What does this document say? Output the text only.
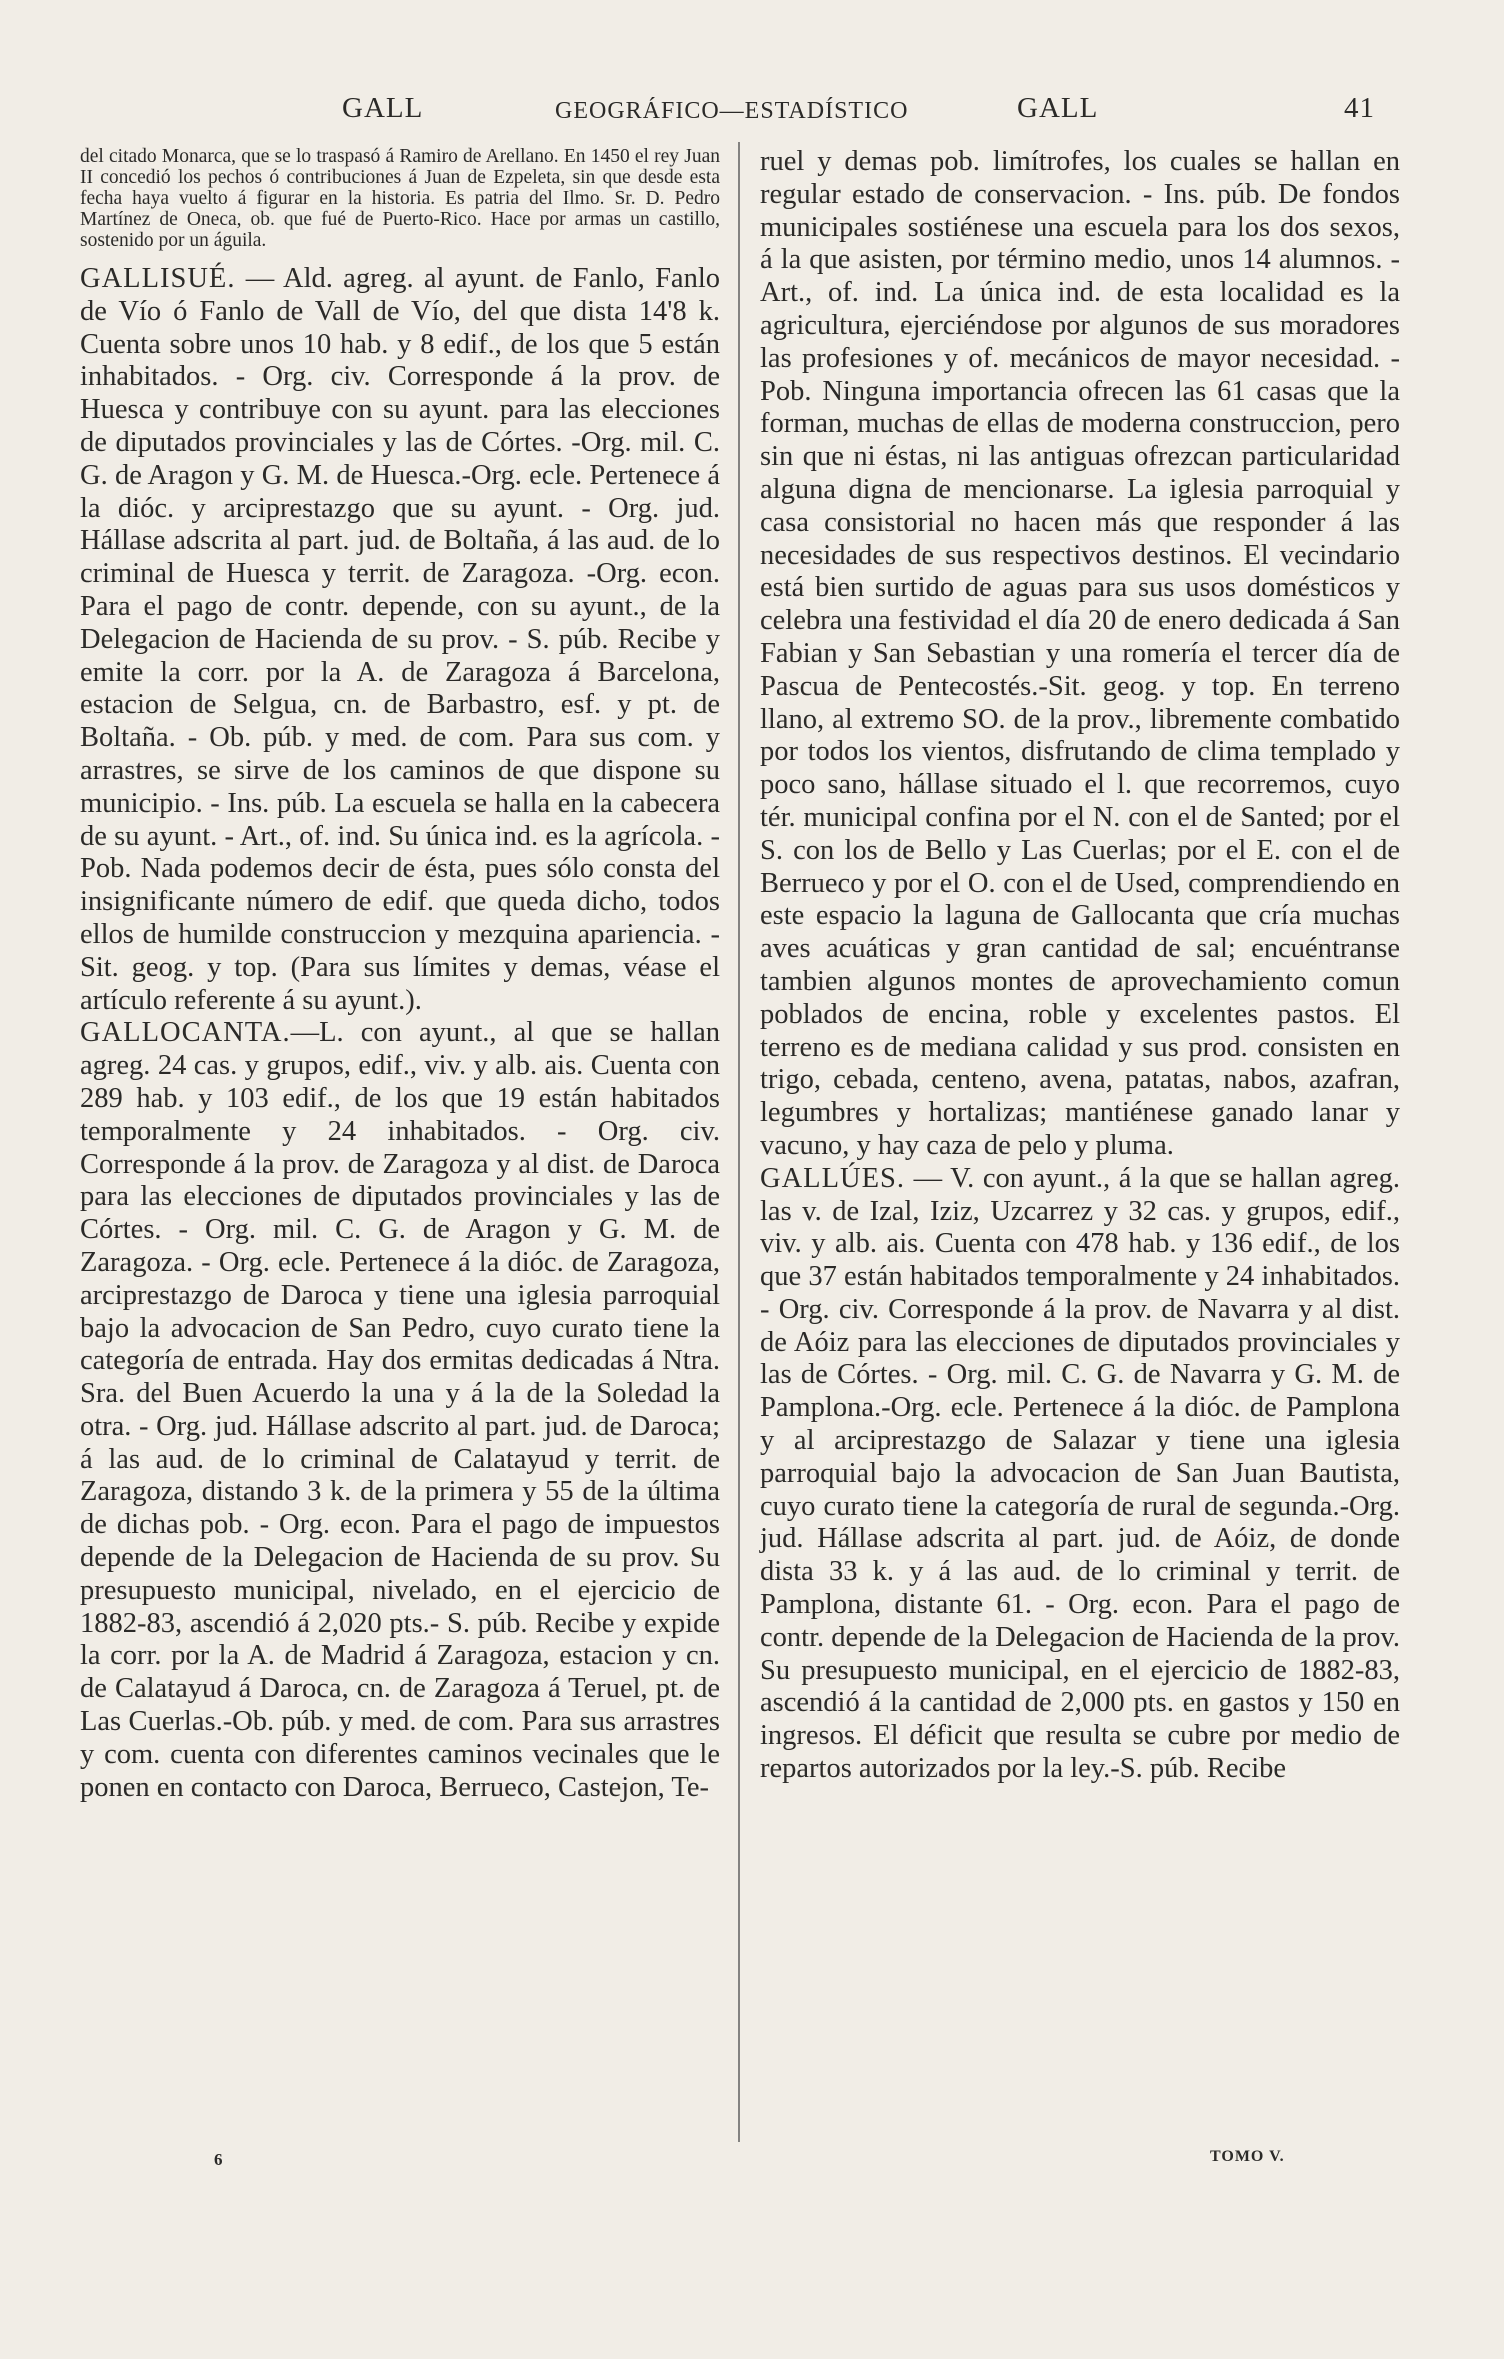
GALL	GEOGRÁFICO—ESTADÍSTICO	GALL	41

del citado Monarca, que se lo traspasó á Ramiro de Arellano. En 1450 el rey Juan II concedió los pechos ó contribuciones á Juan de Ezpeleta, sin que desde esta fecha haya vuelto á figurar en la historia. Es patria del Ilmo. Sr. D. Pedro Martínez de Oneca, ob. que fué de Puerto-Rico. Hace por armas un castillo, sostenido por un águila.

GALLISUÉ. — Ald. agreg. al ayunt. de Fanlo, Fanlo de Vío ó Fanlo de Vall de Vío, del que dista 14'8 k. Cuenta sobre unos 10 hab. y 8 edif., de los que 5 están inhabitados. - Org. civ. Corresponde á la prov. de Huesca y contribuye con su ayunt. para las elecciones de diputados provinciales y las de Córtes. -Org. mil. C. G. de Aragon y G. M. de Huesca.-Org. ecle. Pertenece á la dióc. y arciprestazgo que su ayunt. - Org. jud. Hállase adscrita al part. jud. de Boltaña, á las aud. de lo criminal de Huesca y territ. de Zaragoza. -Org. econ. Para el pago de contr. depende, con su ayunt., de la Delegacion de Hacienda de su prov. - S. púb. Recibe y emite la corr. por la A. de Zaragoza á Barcelona, estacion de Selgua, cn. de Barbastro, esf. y pt. de Boltaña. - Ob. púb. y med. de com. Para sus com. y arrastres, se sirve de los caminos de que dispone su municipio. - Ins. púb. La escuela se halla en la cabecera de su ayunt. - Art., of. ind. Su única ind. es la agrícola. - Pob. Nada podemos decir de ésta, pues sólo consta del insignificante número de edif. que queda dicho, todos ellos de humilde construccion y mezquina apariencia. - Sit. geog. y top. (Para sus límites y demas, véase el artículo referente á su ayunt.).

GALLOCANTA.—L. con ayunt., al que se hallan agreg. 24 cas. y grupos, edif., viv. y alb. ais. Cuenta con 289 hab. y 103 edif., de los que 19 están habitados temporalmente y 24 inhabitados. - Org. civ. Corresponde á la prov. de Zaragoza y al dist. de Daroca para las elecciones de diputados provinciales y las de Córtes. - Org. mil. C. G. de Aragon y G. M. de Zaragoza. - Org. ecle. Pertenece á la dióc. de Zaragoza, arciprestazgo de Daroca y tiene una iglesia parroquial bajo la advocacion de San Pedro, cuyo curato tiene la categoría de entrada. Hay dos ermitas dedicadas á Ntra. Sra. del Buen Acuerdo la una y á la de la Soledad la otra. - Org. jud. Hállase adscrito al part. jud. de Daroca; á las aud. de lo criminal de Calatayud y territ. de Zaragoza, distando 3 k. de la primera y 55 de la última de dichas pob. - Org. econ. Para el pago de impuestos depende de la Delegacion de Hacienda de su prov. Su presupuesto municipal, nivelado, en el ejercicio de 1882-83, ascendió á 2,020 pts.- S. púb. Recibe y expide la corr. por la A. de Madrid á Zaragoza, estacion y cn. de Calatayud á Daroca, cn. de Zaragoza á Teruel, pt. de Las Cuerlas.-Ob. púb. y med. de com. Para sus arrastres y com. cuenta con diferentes caminos vecinales que le ponen en contacto con Daroca, Berrueco, Castejon, Te-

ruel y demas pob. limítrofes, los cuales se hallan en regular estado de conservacion. - Ins. púb. De fondos municipales sostiénese una escuela para los dos sexos, á la que asisten, por término medio, unos 14 alumnos. -Art., of. ind. La única ind. de esta localidad es la agricultura, ejerciéndose por algunos de sus moradores las profesiones y of. mecánicos de mayor necesidad. - Pob. Ninguna importancia ofrecen las 61 casas que la forman, muchas de ellas de moderna construccion, pero sin que ni éstas, ni las antiguas ofrezcan particularidad alguna digna de mencionarse. La iglesia parroquial y casa consistorial no hacen más que responder á las necesidades de sus respectivos destinos. El vecindario está bien surtido de aguas para sus usos domésticos y celebra una festividad el día 20 de enero dedicada á San Fabian y San Sebastian y una romería el tercer día de Pascua de Pentecostés.-Sit. geog. y top. En terreno llano, al extremo SO. de la prov., libremente combatido por todos los vientos, disfrutando de clima templado y poco sano, hállase situado el l. que recorremos, cuyo tér. municipal confina por el N. con el de Santed; por el S. con los de Bello y Las Cuerlas; por el E. con el de Berrueco y por el O. con el de Used, comprendiendo en este espacio la laguna de Gallocanta que cría muchas aves acuáticas y gran cantidad de sal; encuéntranse tambien algunos montes de aprovechamiento comun poblados de encina, roble y excelentes pastos. El terreno es de mediana calidad y sus prod. consisten en trigo, cebada, centeno, avena, patatas, nabos, azafran, legumbres y hortalizas; mantiénese ganado lanar y vacuno, y hay caza de pelo y pluma.

GALLÚES. — V. con ayunt., á la que se hallan agreg. las v. de Izal, Iziz, Uzcarrez y 32 cas. y grupos, edif., viv. y alb. ais. Cuenta con 478 hab. y 136 edif., de los que 37 están habitados temporalmente y 24 inhabitados. - Org. civ. Corresponde á la prov. de Navarra y al dist. de Aóiz para las elecciones de diputados provinciales y las de Córtes. - Org. mil. C. G. de Navarra y G. M. de Pamplona.-Org. ecle. Pertenece á la dióc. de Pamplona y al arciprestazgo de Salazar y tiene una iglesia parroquial bajo la advocacion de San Juan Bautista, cuyo curato tiene la categoría de rural de segunda.-Org. jud. Hállase adscrita al part. jud. de Aóiz, de donde dista 33 k. y á las aud. de lo criminal y territ. de Pamplona, distante 61. - Org. econ. Para el pago de contr. depende de la Delegacion de Hacienda de la prov. Su presupuesto municipal, en el ejercicio de 1882-83, ascendió á la cantidad de 2,000 pts. en gastos y 150 en ingresos. El déficit que resulta se cubre por medio de repartos autorizados por la ley.-S. púb. Recibe

6	TOMO V.
